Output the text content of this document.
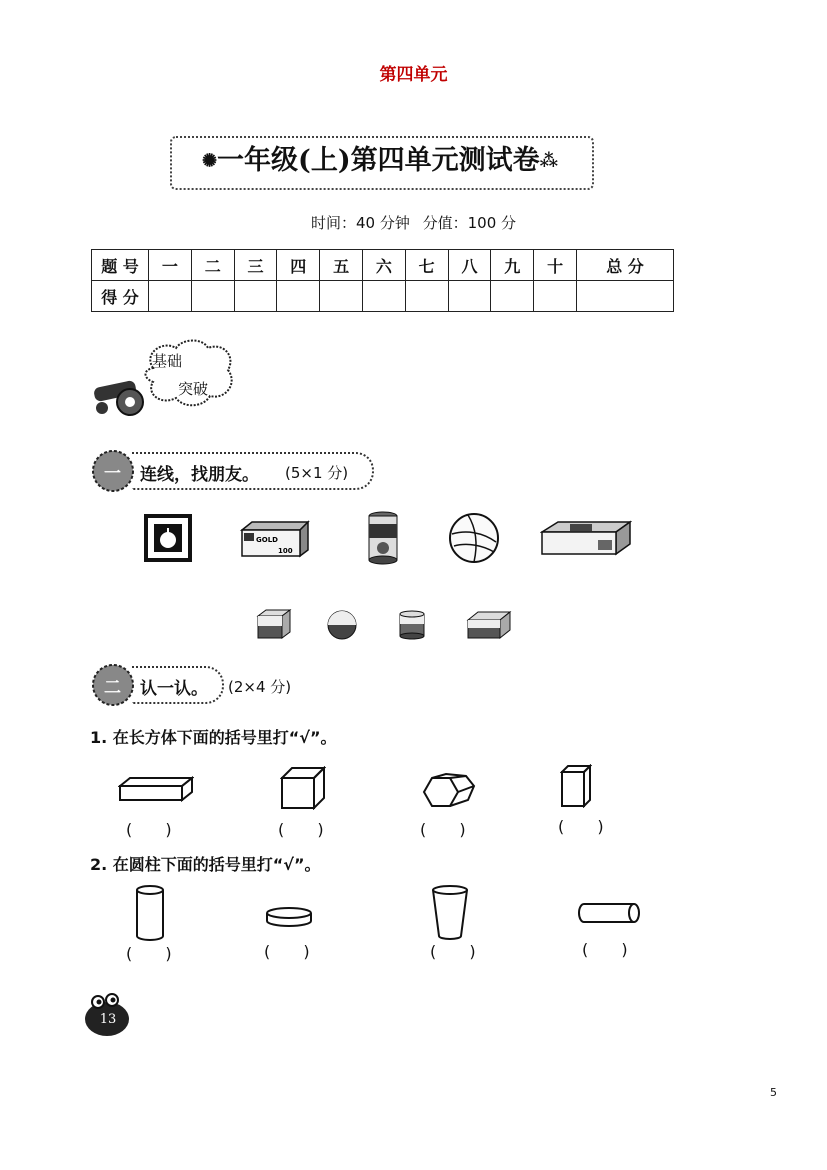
第四单元
✺一年级(上)第四单元测试卷⁂
时间：40 分钟 分值：100 分
题 号	一	二	三	四	五	六	七	八	九	十	总 分
得 分											
基础
突破
一 连线，找朋友。 (5×1 分)
GOLD
100
二 认一认。 (2×4 分)
1. 在长方体下面的括号里打“√”。
( )	( )	( )	( )
2. 在圆柱下面的括号里打“√”。
( )	( )	( )	( )
13
5
